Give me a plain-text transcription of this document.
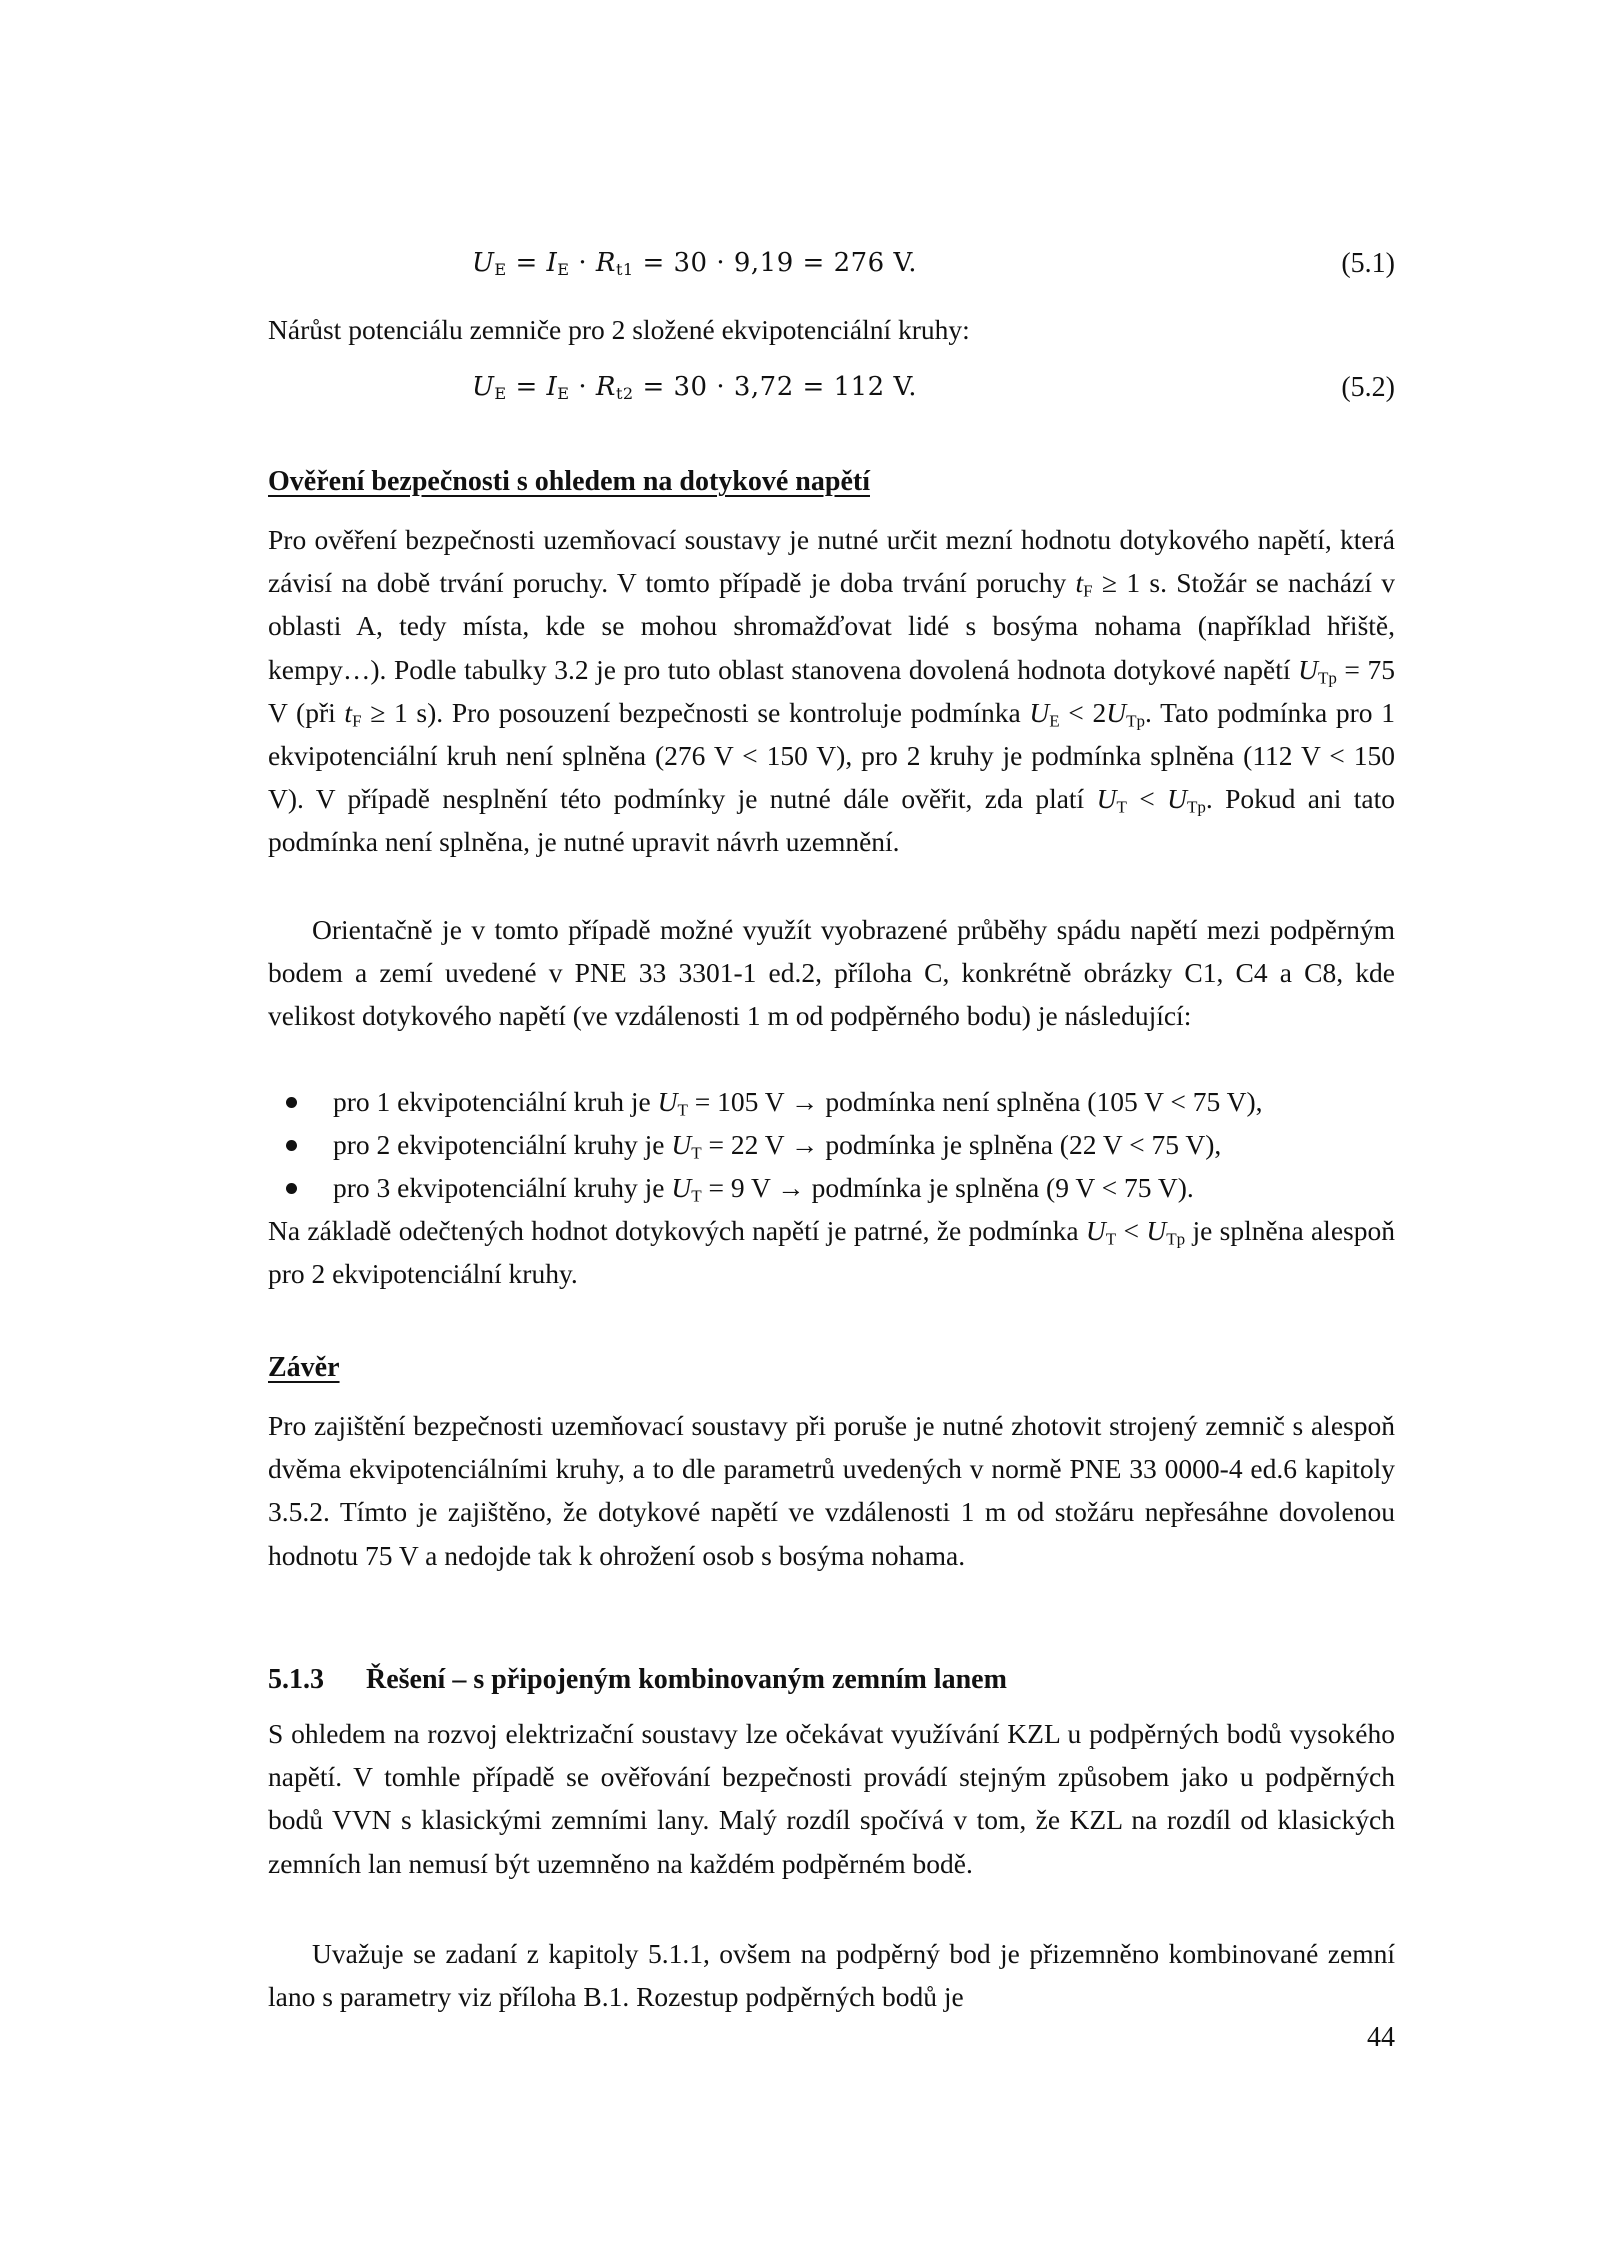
$U_E = I_E \cdot R_{t1} = 30 \cdot 9,19 = 276$ V.	(5.1)
Nárůst potenciálu zemniče pro 2 složené ekvipotenciální kruhy:
$U_E = I_E \cdot R_{t2} = 30 \cdot 3,72 = 112$ V.	(5.2)
Ověření bezpečnosti s ohledem na dotykové napětí
Pro ověření bezpečnosti uzemňovací soustavy je nutné určit mezní hodnotu dotykového napětí, která závisí na době trvání poruchy. V tomto případě je doba trvání poruchy $t_F \ge 1$ s. Stožár se nachází v oblasti A, tedy místa, kde se mohou shromažďovat lidé s bosýma nohama (například hřiště, kempy…). Podle tabulky 3.2 je pro tuto oblast stanovena dovolená hodnota dotykové napětí $U_{Tp} = 75$ V (při $t_F \ge 1$ s). Pro posouzení bezpečnosti se kontroluje podmínka $U_E < 2U_{Tp}$. Tato podmínka pro 1 ekvipotenciální kruh není splněna (276 V < 150 V), pro 2 kruhy je podmínka splněna (112 V < 150 V). V případě nesplnění této podmínky je nutné dále ověřit, zda platí $U_T < U_{Tp}$. Pokud ani tato podmínka není splněna, je nutné upravit návrh uzemnění.
Orientačně je v tomto případě možné využít vyobrazené průběhy spádu napětí mezi podpěrným bodem a zemí uvedené v PNE 33 3301-1 ed.2, příloha C, konkrétně obrázky C1, C4 a C8, kde velikost dotykového napětí (ve vzdálenosti 1 m od podpěrného bodu) je následující:
pro 1 ekvipotenciální kruh je $U_T = 105$ V → podmínka není splněna (105 V < 75 V),
pro 2 ekvipotenciální kruhy je $U_T = 22$ V → podmínka je splněna (22 V < 75 V),
pro 3 ekvipotenciální kruhy je $U_T = 9$ V → podmínka je splněna (9 V < 75 V).
Na základě odečtených hodnot dotykových napětí je patrné, že podmínka $U_T < U_{Tp}$ je splněna alespoň pro 2 ekvipotenciální kruhy.
Závěr
Pro zajištění bezpečnosti uzemňovací soustavy při poruše je nutné zhotovit strojený zemnič s alespoň dvěma ekvipotenciálními kruhy, a to dle parametrů uvedených v normě PNE 33 0000-4 ed.6 kapitoly 3.5.2. Tímto je zajištěno, že dotykové napětí ve vzdálenosti 1 m od stožáru nepřesáhne dovolenou hodnotu 75 V a nedojde tak k ohrožení osob s bosýma nohama.
5.1.3 Řešení – s připojeným kombinovaným zemním lanem
S ohledem na rozvoj elektrizační soustavy lze očekávat využívání KZL u podpěrných bodů vysokého napětí. V tomhle případě se ověřování bezpečnosti provádí stejným způsobem jako u podpěrných bodů VVN s klasickými zemními lany. Malý rozdíl spočívá v tom, že KZL na rozdíl od klasických zemních lan nemusí být uzemněno na každém podpěrném bodě.
Uvažuje se zadaní z kapitoly 5.1.1, ovšem na podpěrný bod je přizemněno kombinované zemní lano s parametry viz příloha B.1. Rozestup podpěrných bodů je
44
